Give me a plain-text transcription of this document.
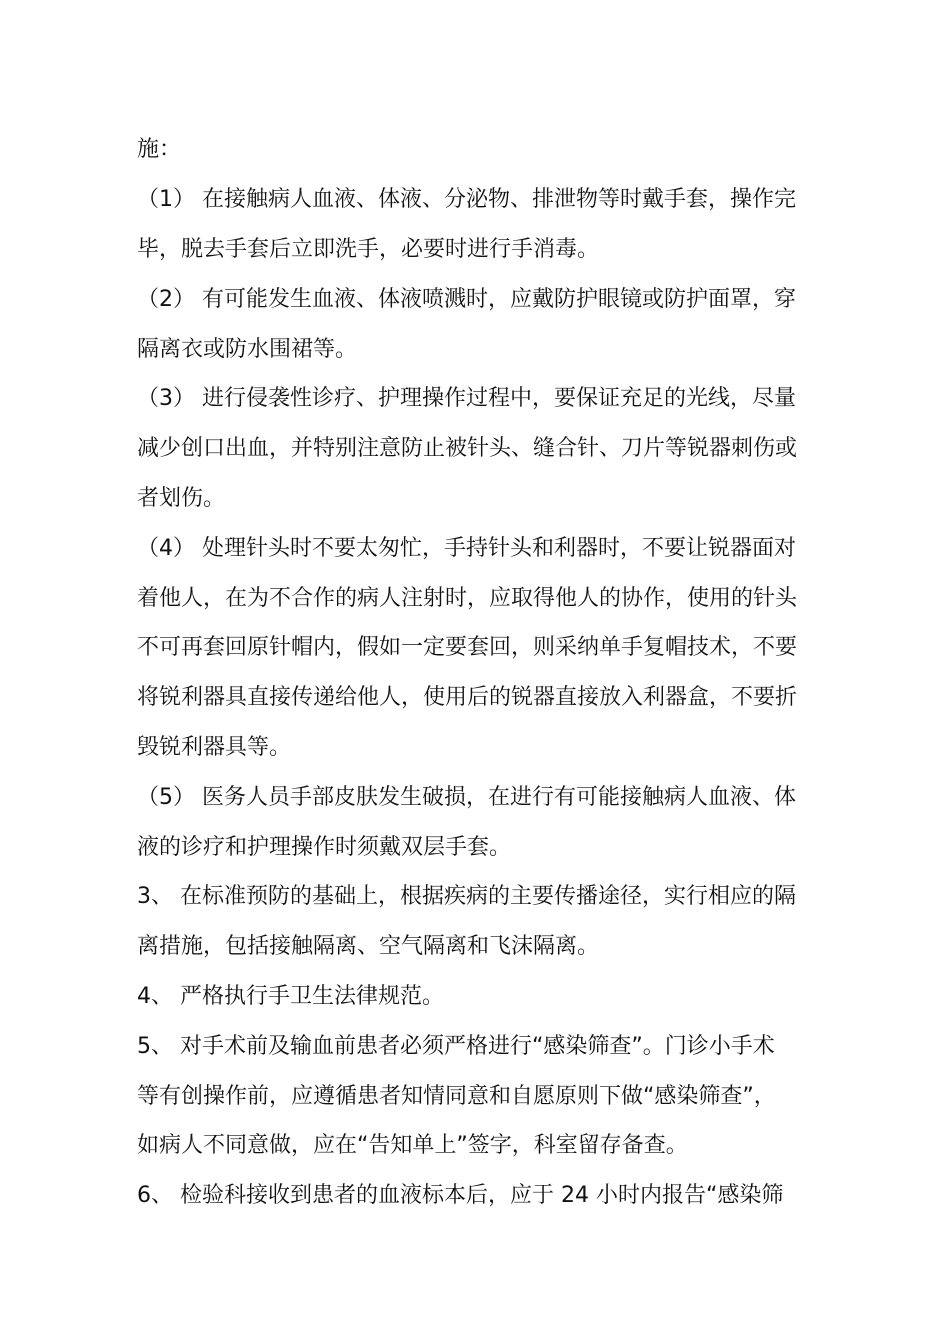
施：
（1） 在接触病人血液、体液、分泌物、排泄物等时戴手套，操作完
毕，脱去手套后立即洗手，必要时进行手消毒。
（2） 有可能发生血液、体液喷溅时，应戴防护眼镜或防护面罩，穿
隔离衣或防水围裙等。
（3） 进行侵袭性诊疗、护理操作过程中，要保证充足的光线，尽量
减少创口出血，并特别注意防止被针头、缝合针、刀片等锐器刺伤或
者划伤。
（4） 处理针头时不要太匆忙，手持针头和利器时，不要让锐器面对
着他人，在为不合作的病人注射时，应取得他人的协作，使用的针头
不可再套回原针帽内，假如一定要套回，则采纳单手复帽技术，不要
将锐利器具直接传递给他人，使用后的锐器直接放入利器盒，不要折
毁锐利器具等。
（5） 医务人员手部皮肤发生破损，在进行有可能接触病人血液、体
液的诊疗和护理操作时须戴双层手套。
3、 在标准预防的基础上，根据疾病的主要传播途径，实行相应的隔
离措施，包括接触隔离、空气隔离和飞沫隔离。
4、 严格执行手卫生法律规范。
5、 对手术前及输血前患者必须严格进行“感染筛查”。门诊小手术
等有创操作前，应遵循患者知情同意和自愿原则下做“感染筛查”，
如病人不同意做，应在“告知单上”签字，科室留存备查。
6、 检验科接收到患者的血液标本后，应于 24 小时内报告“感染筛
